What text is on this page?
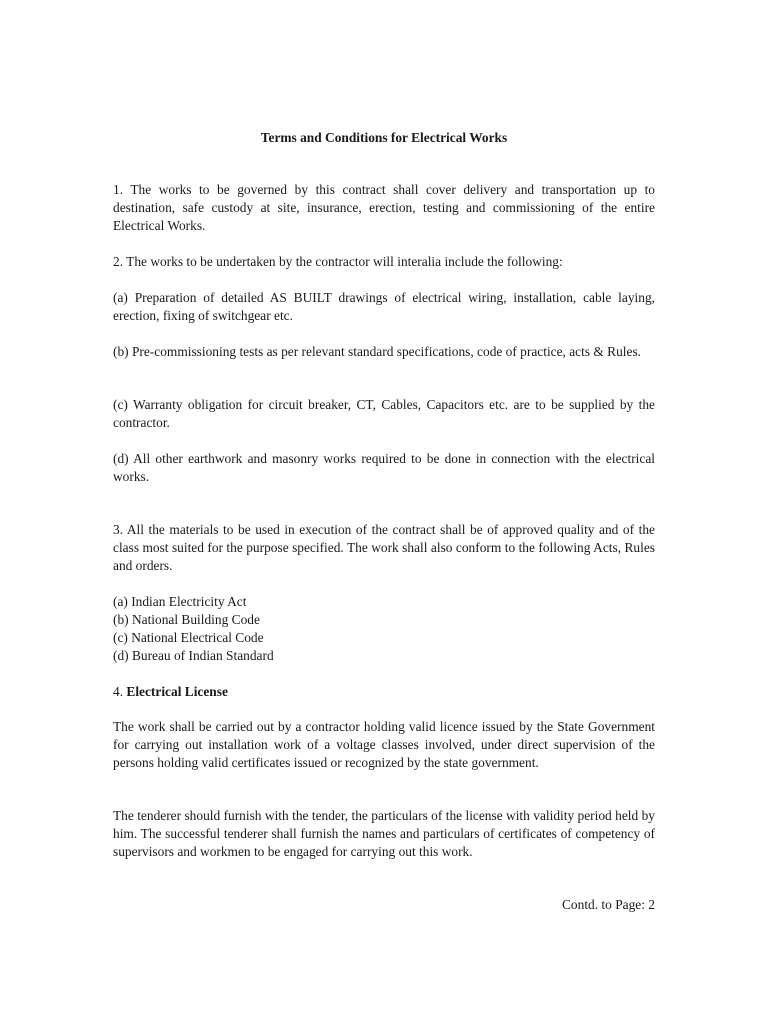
Terms and Conditions for Electrical Works

1. The works to be governed by this contract shall cover delivery and transportation up to destination, safe custody at site, insurance, erection, testing and commissioning of the entire Electrical Works.

2. The works to be undertaken by the contractor will interalia include the following:

(a) Preparation of detailed AS BUILT drawings of electrical wiring, installation, cable laying, erection, fixing of switchgear etc.

(b) Pre-commissioning tests as per relevant standard specifications, code of practice, acts & Rules.

(c) Warranty obligation for circuit breaker, CT, Cables, Capacitors etc. are to be supplied by the contractor.

(d) All other earthwork and masonry works required to be done in connection with the electrical works.

3. All the materials to be used in execution of the contract shall be of approved quality and of the class most suited for the purpose specified. The work shall also conform to the following Acts, Rules and orders.

(a) Indian Electricity Act

(b) National Building Code

(c) National Electrical Code

(d) Bureau of Indian Standard

4. Electrical License

The work shall be carried out by a contractor holding valid licence issued by the State Government for carrying out installation work of a voltage classes involved, under direct supervision of the persons holding valid certificates issued or recognized by the state government.

The tenderer should furnish with the tender, the particulars of the license with validity period held by him. The successful tenderer shall furnish the names and particulars of certificates of competency of supervisors and workmen to be engaged for carrying out this work.

Contd. to Page: 2
